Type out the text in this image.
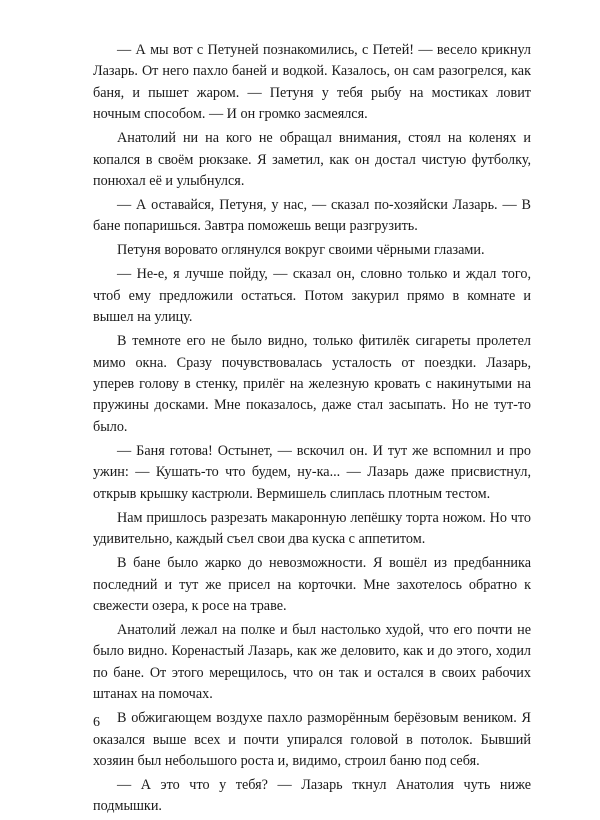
— А мы вот с Петуней познакомились, с Петей! — весело крикнул Лазарь. От него пахло баней и водкой. Казалось, он сам разогрелся, как баня, и пышет жаром. — Петуня у тебя рыбу на мостиках ловит ночным способом. — И он громко засмеялся.

Анатолий ни на кого не обращал внимания, стоял на коленях и копался в своём рюкзаке. Я заметил, как он достал чистую футболку, понюхал её и улыбнулся.

— А оставайся, Петуня, у нас, — сказал по-хозяйски Лазарь. — В бане попаришься. Завтра поможешь вещи разгрузить.

Петуня воровато оглянулся вокруг своими чёрными глазами.

— Не-е, я лучше пойду, — сказал он, словно только и ждал того, чтоб ему предложили остаться. Потом закурил прямо в комнате и вышел на улицу.

В темноте его не было видно, только фитилёк сигареты пролетел мимо окна. Сразу почувствовалась усталость от поездки. Лазарь, уперев голову в стенку, прилёг на железную кровать с накинутыми на пружины досками. Мне показалось, даже стал засыпать. Но не тут-то было.

— Баня готова! Остынет, — вскочил он. И тут же вспомнил и про ужин: — Кушать-то что будем, ну-ка... — Лазарь даже присвистнул, открыв крышку кастрюли. Вермишель слиплась плотным тестом.

Нам пришлось разрезать макаронную лепёшку торта ножом. Но что удивительно, каждый съел свои два куска с аппетитом.

В бане было жарко до невозможности. Я вошёл из предбанника последний и тут же присел на корточки. Мне захотелось обратно к свежести озера, к росе на траве.

Анатолий лежал на полке и был настолько худой, что его почти не было видно. Коренастый Лазарь, как же деловито, как и до этого, ходил по бане. От этого мерещилось, что он так и остался в своих рабочих штанах на помочах.

В обжигающем воздухе пахло разморённым берёзовым веником. Я оказался выше всех и почти упирался головой в потолок. Бывший хозяин был небольшого роста и, видимо, строил баню под себя.

— А это что у тебя? — Лазарь ткнул Анатолия чуть ниже подмышки.

6
